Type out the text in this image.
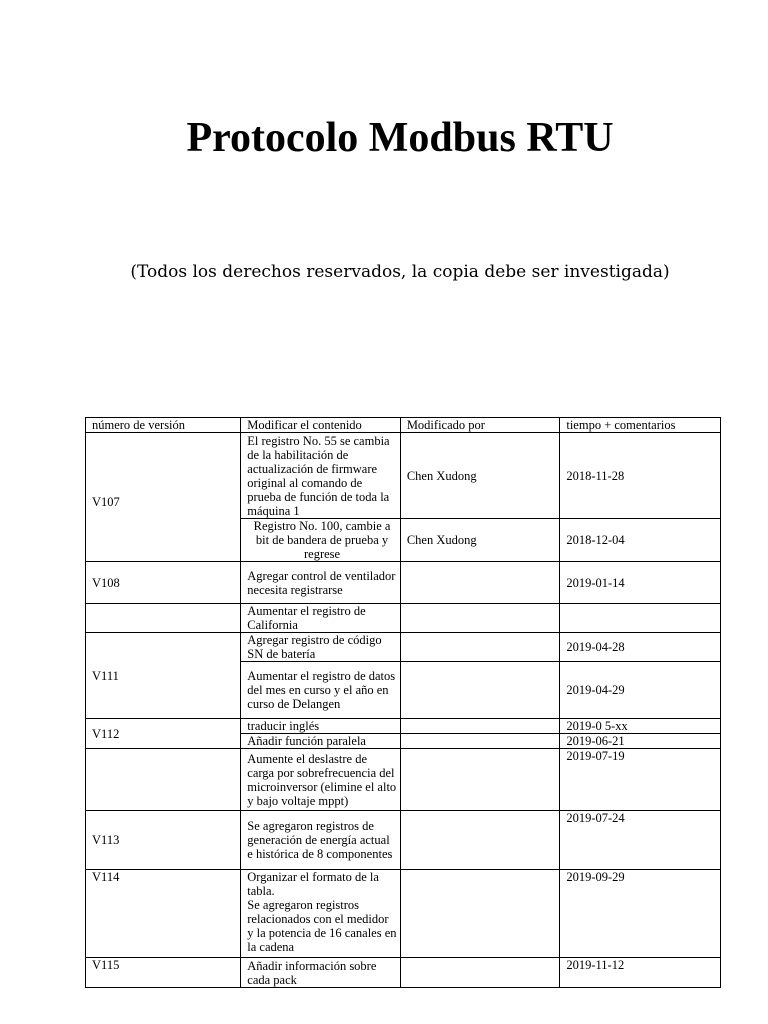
Protocolo Modbus RTU

(Todos los derechos reservados, la copia debe ser investigada)

número de versión	Modificar el contenido	Modificado por	tiempo + comentarios
V107	El registro No. 55 se cambia de la habilitación de actualización de firmware original al comando de prueba de función de toda la máquina 1	Chen Xudong	2018-11-28
	Registro No. 100, cambie a bit de bandera de prueba y regrese	Chen Xudong	2018-12-04
V108	Agregar control de ventilador necesita registrarse		2019-01-14
	Aumentar el registro de California		
V111	Agregar registro de código SN de batería		2019-04-28
	Aumentar el registro de datos del mes en curso y el año en curso de Delangen		2019-04-29
V112	traducir inglés		2019-0 5-xx
	Añadir función paralela		2019-06-21
	Aumente el deslastre de carga por sobrefrecuencia del microinversor (elimine el alto y bajo voltaje mppt)		2019-07-19
V113	Se agregaron registros de generación de energía actual e histórica de 8 componentes		2019-07-24
V114	Organizar el formato de la tabla.
Se agregaron registros relacionados con el medidor y la potencia de 16 canales en la cadena		2019-09-29
V115	Añadir información sobre cada pack		2019-11-12
